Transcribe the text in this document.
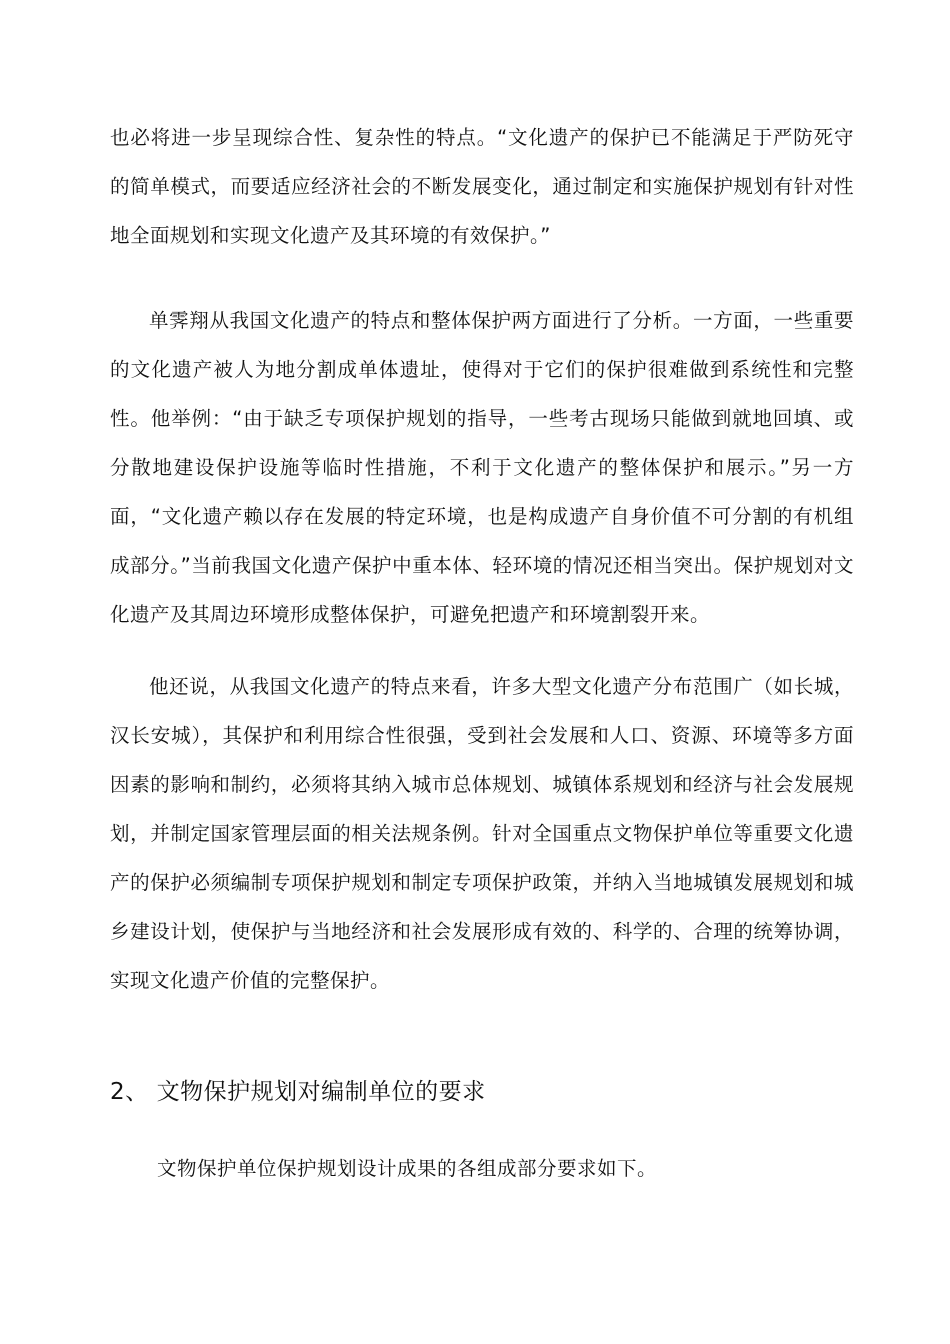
也必将进一步呈现综合性、复杂性的特点。“文化遗产的保护已不能满足于严防死守的简单模式，而要适应经济社会的不断发展变化，通过制定和实施保护规划有针对性地全面规划和实现文化遗产及其环境的有效保护。”

单霁翔从我国文化遗产的特点和整体保护两方面进行了分析。一方面，一些重要的文化遗产被人为地分割成单体遗址，使得对于它们的保护很难做到系统性和完整性。他举例：“由于缺乏专项保护规划的指导，一些考古现场只能做到就地回填、或分散地建设保护设施等临时性措施，不利于文化遗产的整体保护和展示。”另一方面，“文化遗产赖以存在发展的特定环境，也是构成遗产自身价值不可分割的有机组成部分。”当前我国文化遗产保护中重本体、轻环境的情况还相当突出。保护规划对文化遗产及其周边环境形成整体保护，可避免把遗产和环境割裂开来。

他还说，从我国文化遗产的特点来看，许多大型文化遗产分布范围广（如长城，汉长安城），其保护和利用综合性很强，受到社会发展和人口、资源、环境等多方面因素的影响和制约，必须将其纳入城市总体规划、城镇体系规划和经济与社会发展规划，并制定国家管理层面的相关法规条例。针对全国重点文物保护单位等重要文化遗产的保护必须编制专项保护规划和制定专项保护政策，并纳入当地城镇发展规划和城乡建设计划，使保护与当地经济和社会发展形成有效的、科学的、合理的统筹协调，实现文化遗产价值的完整保护。

2、 文物保护规划对编制单位的要求

文物保护单位保护规划设计成果的各组成部分要求如下。
